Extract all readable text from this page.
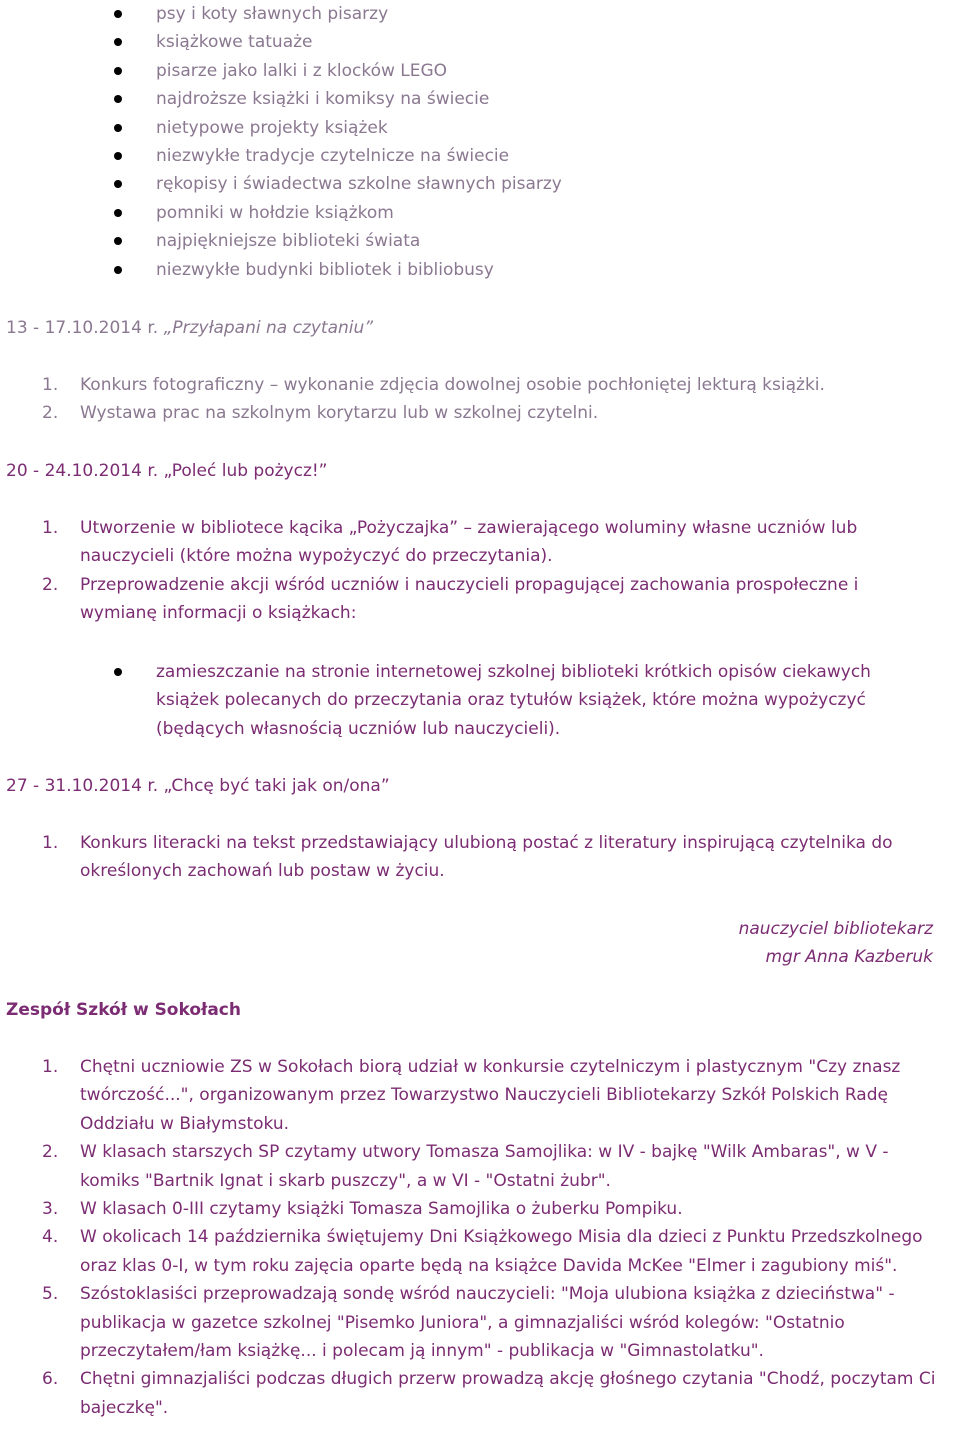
psy i koty sławnych pisarzy
książkowe tatuaże
pisarze jako lalki i z klocków LEGO
najdroższe książki i komiksy na świecie
nietypowe projekty książek
niezwykłe tradycje czytelnicze na świecie
rękopisy i świadectwa szkolne sławnych pisarzy
pomniki w hołdzie książkom
najpiękniejsze biblioteki świata
niezwykłe budynki bibliotek i bibliobusy
13 - 17.10.2014 r. „Przyłapani na czytaniu”
1. Konkurs fotograficzny – wykonanie zdjęcia dowolnej osobie pochłoniętej lekturą książki.
2. Wystawa prac na szkolnym korytarzu lub w szkolnej czytelni.
20 - 24.10.2014 r. „Poleć lub pożycz!”
1. Utworzenie w bibliotece kącika „Pożyczajka” – zawierającego woluminy własne uczniów lub nauczycieli (które można wypożyczyć do przeczytania).
2. Przeprowadzenie akcji wśród uczniów i nauczycieli propagującej zachowania prospołeczne i wymianę informacji o książkach:
zamieszczanie na stronie internetowej szkolnej biblioteki krótkich opisów ciekawych książek polecanych do przeczytania oraz tytułów książek, które można wypożyczyć (będących własnością uczniów lub nauczycieli).
27 - 31.10.2014 r. „Chcę być taki jak on/ona”
1. Konkurs literacki na tekst przedstawiający ulubioną postać z literatury inspirującą czytelnika do określonych zachowań lub postaw w życiu.
nauczyciel bibliotekarz
mgr Anna Kazberuk
Zespół Szkół w Sokołach
1. Chętni uczniowie ZS w Sokołach biorą udział w konkursie czytelniczym i plastycznym "Czy znasz twórczość...", organizowanym przez Towarzystwo Nauczycieli Bibliotekarzy Szkół Polskich Radę Oddziału w Białymstoku.
2. W klasach starszych SP czytamy utwory Tomasza Samojlika: w IV - bajkę "Wilk Ambaras", w V - komiks "Bartnik Ignat i skarb puszczy", a w VI - "Ostatni żubr".
3. W klasach 0-III czytamy książki Tomasza Samojlika o żuberku Pompiku.
4. W okolicach 14 października świętujemy Dni Książkowego Misia dla dzieci z Punktu Przedszkolnego oraz klas 0-I, w tym roku zajęcia oparte będą na książce Davida McKee "Elmer i zagubiony miś".
5. Szóstoklasiści przeprowadzają sondę wśród nauczycieli: "Moja ulubiona książka z dzieciństwa" - publikacja w gazetce szkolnej "Pisemko Juniora", a gimnazjaliści wśród kolegów: "Ostatnio przeczytałem/łam książkę... i polecam ją innym" - publikacja w "Gimnastolatku".
6. Chętni gimnazjaliści podczas długich przerw prowadzą akcję głośnego czytania "Chodź, poczytam Ci bajeczkę".
